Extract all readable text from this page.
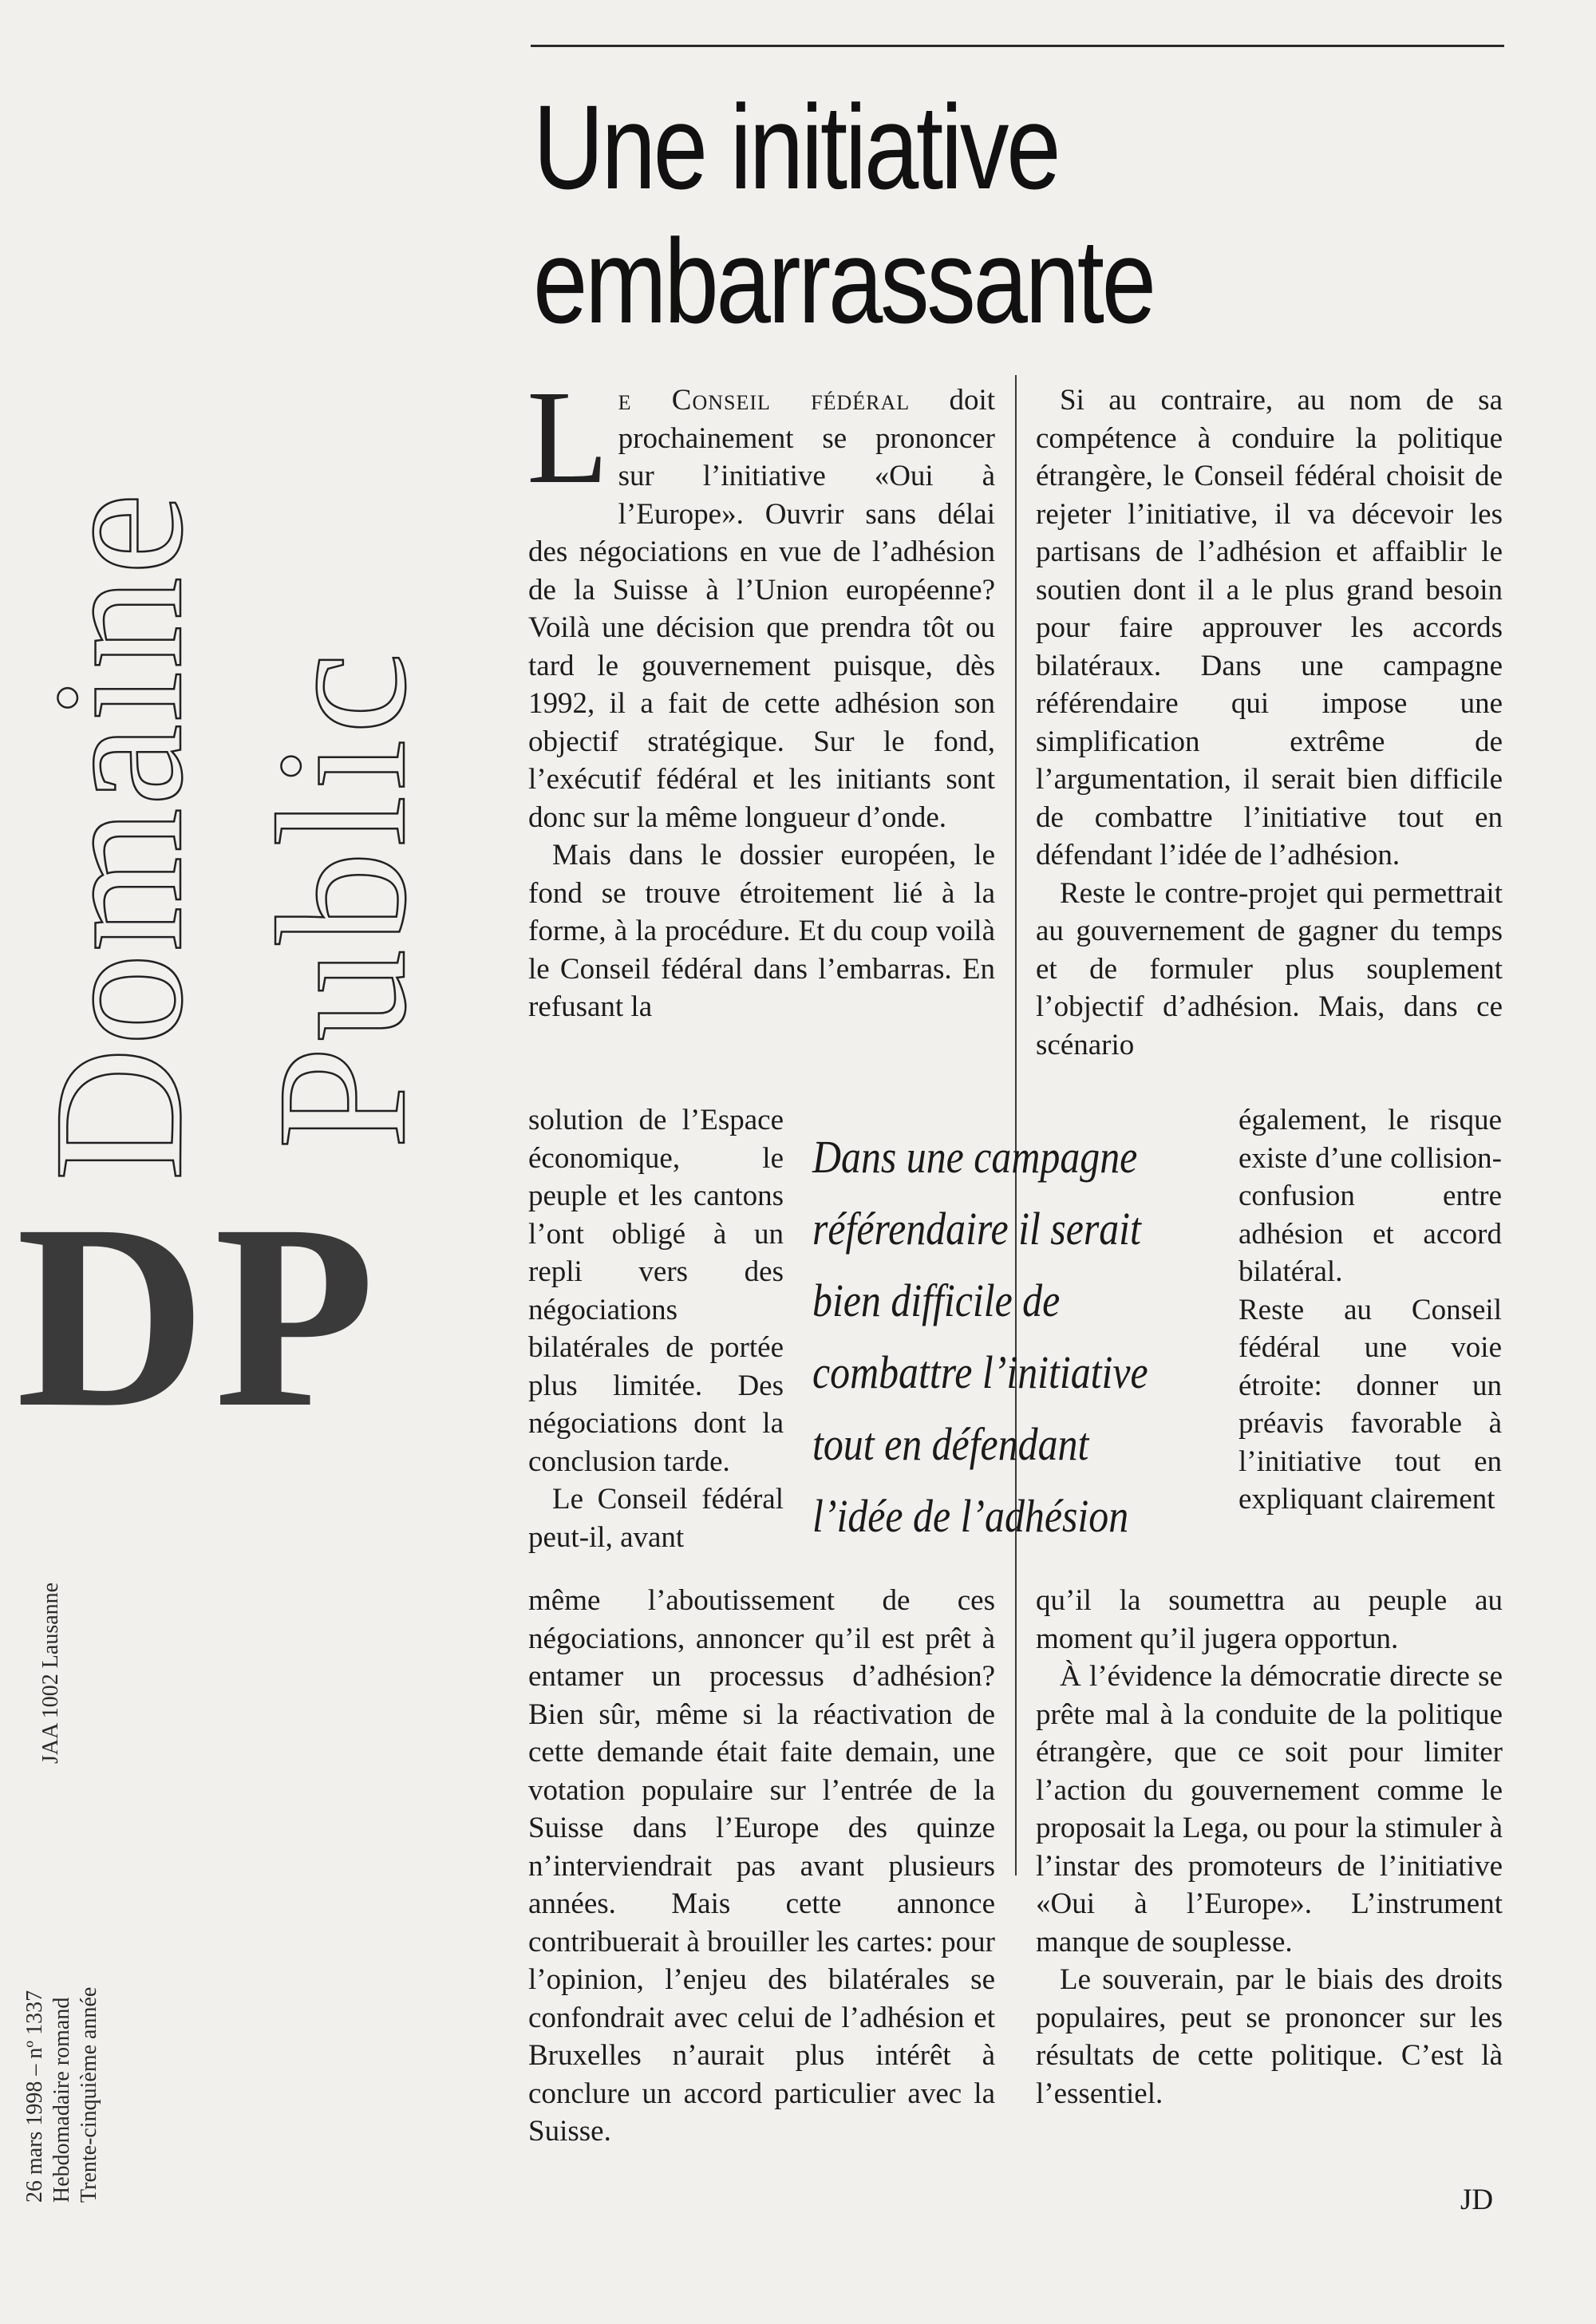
Domaine Public
DP
26 mars 1998 – nº 1337 Hebdomadaire romand Trente-cinquième année
JAA 1002 Lausanne
Une initiative
embarrassante

Le Conseil fédéral doit prochainement se prononcer sur l’initiative «Oui à l’Europe». Ouvrir sans délai des négociations en vue de l’adhésion de la Suisse à l’Union européenne? Voilà une décision que prendra tôt ou tard le gouvernement puisque, dès 1992, il a fait de cette adhésion son objectif stratégique. Sur le fond, l’exécutif fédéral et les initiants sont donc sur la même longueur d’onde.

Mais dans le dossier européen, le fond se trouve étroitement lié à la forme, à la procédure. Et du coup voilà le Conseil fédéral dans l’embarras. En refusant la

solution de l’Espace économique, le peuple et les cantons l’ont obligé à un repli vers des négociations bilatérales de portée plus limitée. Des négociations dont la conclusion tarde.

Le Conseil fédéral peut-il, avant

même l’aboutissement de ces négociations, annoncer qu’il est prêt à entamer un processus d’adhésion? Bien sûr, même si la réactivation de cette demande était faite demain, une votation populaire sur l’entrée de la Suisse dans l’Europe des quinze n’interviendrait pas avant plusieurs années. Mais cette annonce contribuerait à brouiller les cartes: pour l’opinion, l’enjeu des bilatérales se confondrait avec celui de l’adhésion et Bruxelles n’aurait plus intérêt à conclure un accord particulier avec la Suisse.

Si au contraire, au nom de sa compétence à conduire la politique étrangère, le Conseil fédéral choisit de rejeter l’initiative, il va décevoir les partisans de l’adhésion et affaiblir le soutien dont il a le plus grand besoin pour faire approuver les accords bilatéraux. Dans une campagne référendaire qui impose une simplification extrême de l’argumentation, il serait bien difficile de combattre l’initiative tout en défendant l’idée de l’adhésion.

Reste le contre-projet qui permettrait au gouvernement de gagner du temps et de formuler plus souplement l’objectif d’adhésion. Mais, dans ce scénario

également, le risque existe d’une collision-confusion entre adhésion et accord bilatéral.

Reste au Conseil fédéral une voie étroite: donner un préavis favorable à l’initiative tout en expliquant clairement

qu’il la soumettra au peuple au moment qu’il jugera opportun.

À l’évidence la démocratie directe se prête mal à la conduite de la politique étrangère, que ce soit pour limiter l’action du gouvernement comme le proposait la Lega, ou pour la stimuler à l’instar des promoteurs de l’initiative «Oui à l’Europe». L’instrument manque de souplesse.

Le souverain, par le biais des droits populaires, peut se prononcer sur les résultats de cette politique. C’est là l’essentiel.

Dans une campagne
référendaire il serait
bien difficile de
combattre l’initiative
tout en défendant
l’idée de l’adhésion
JD
